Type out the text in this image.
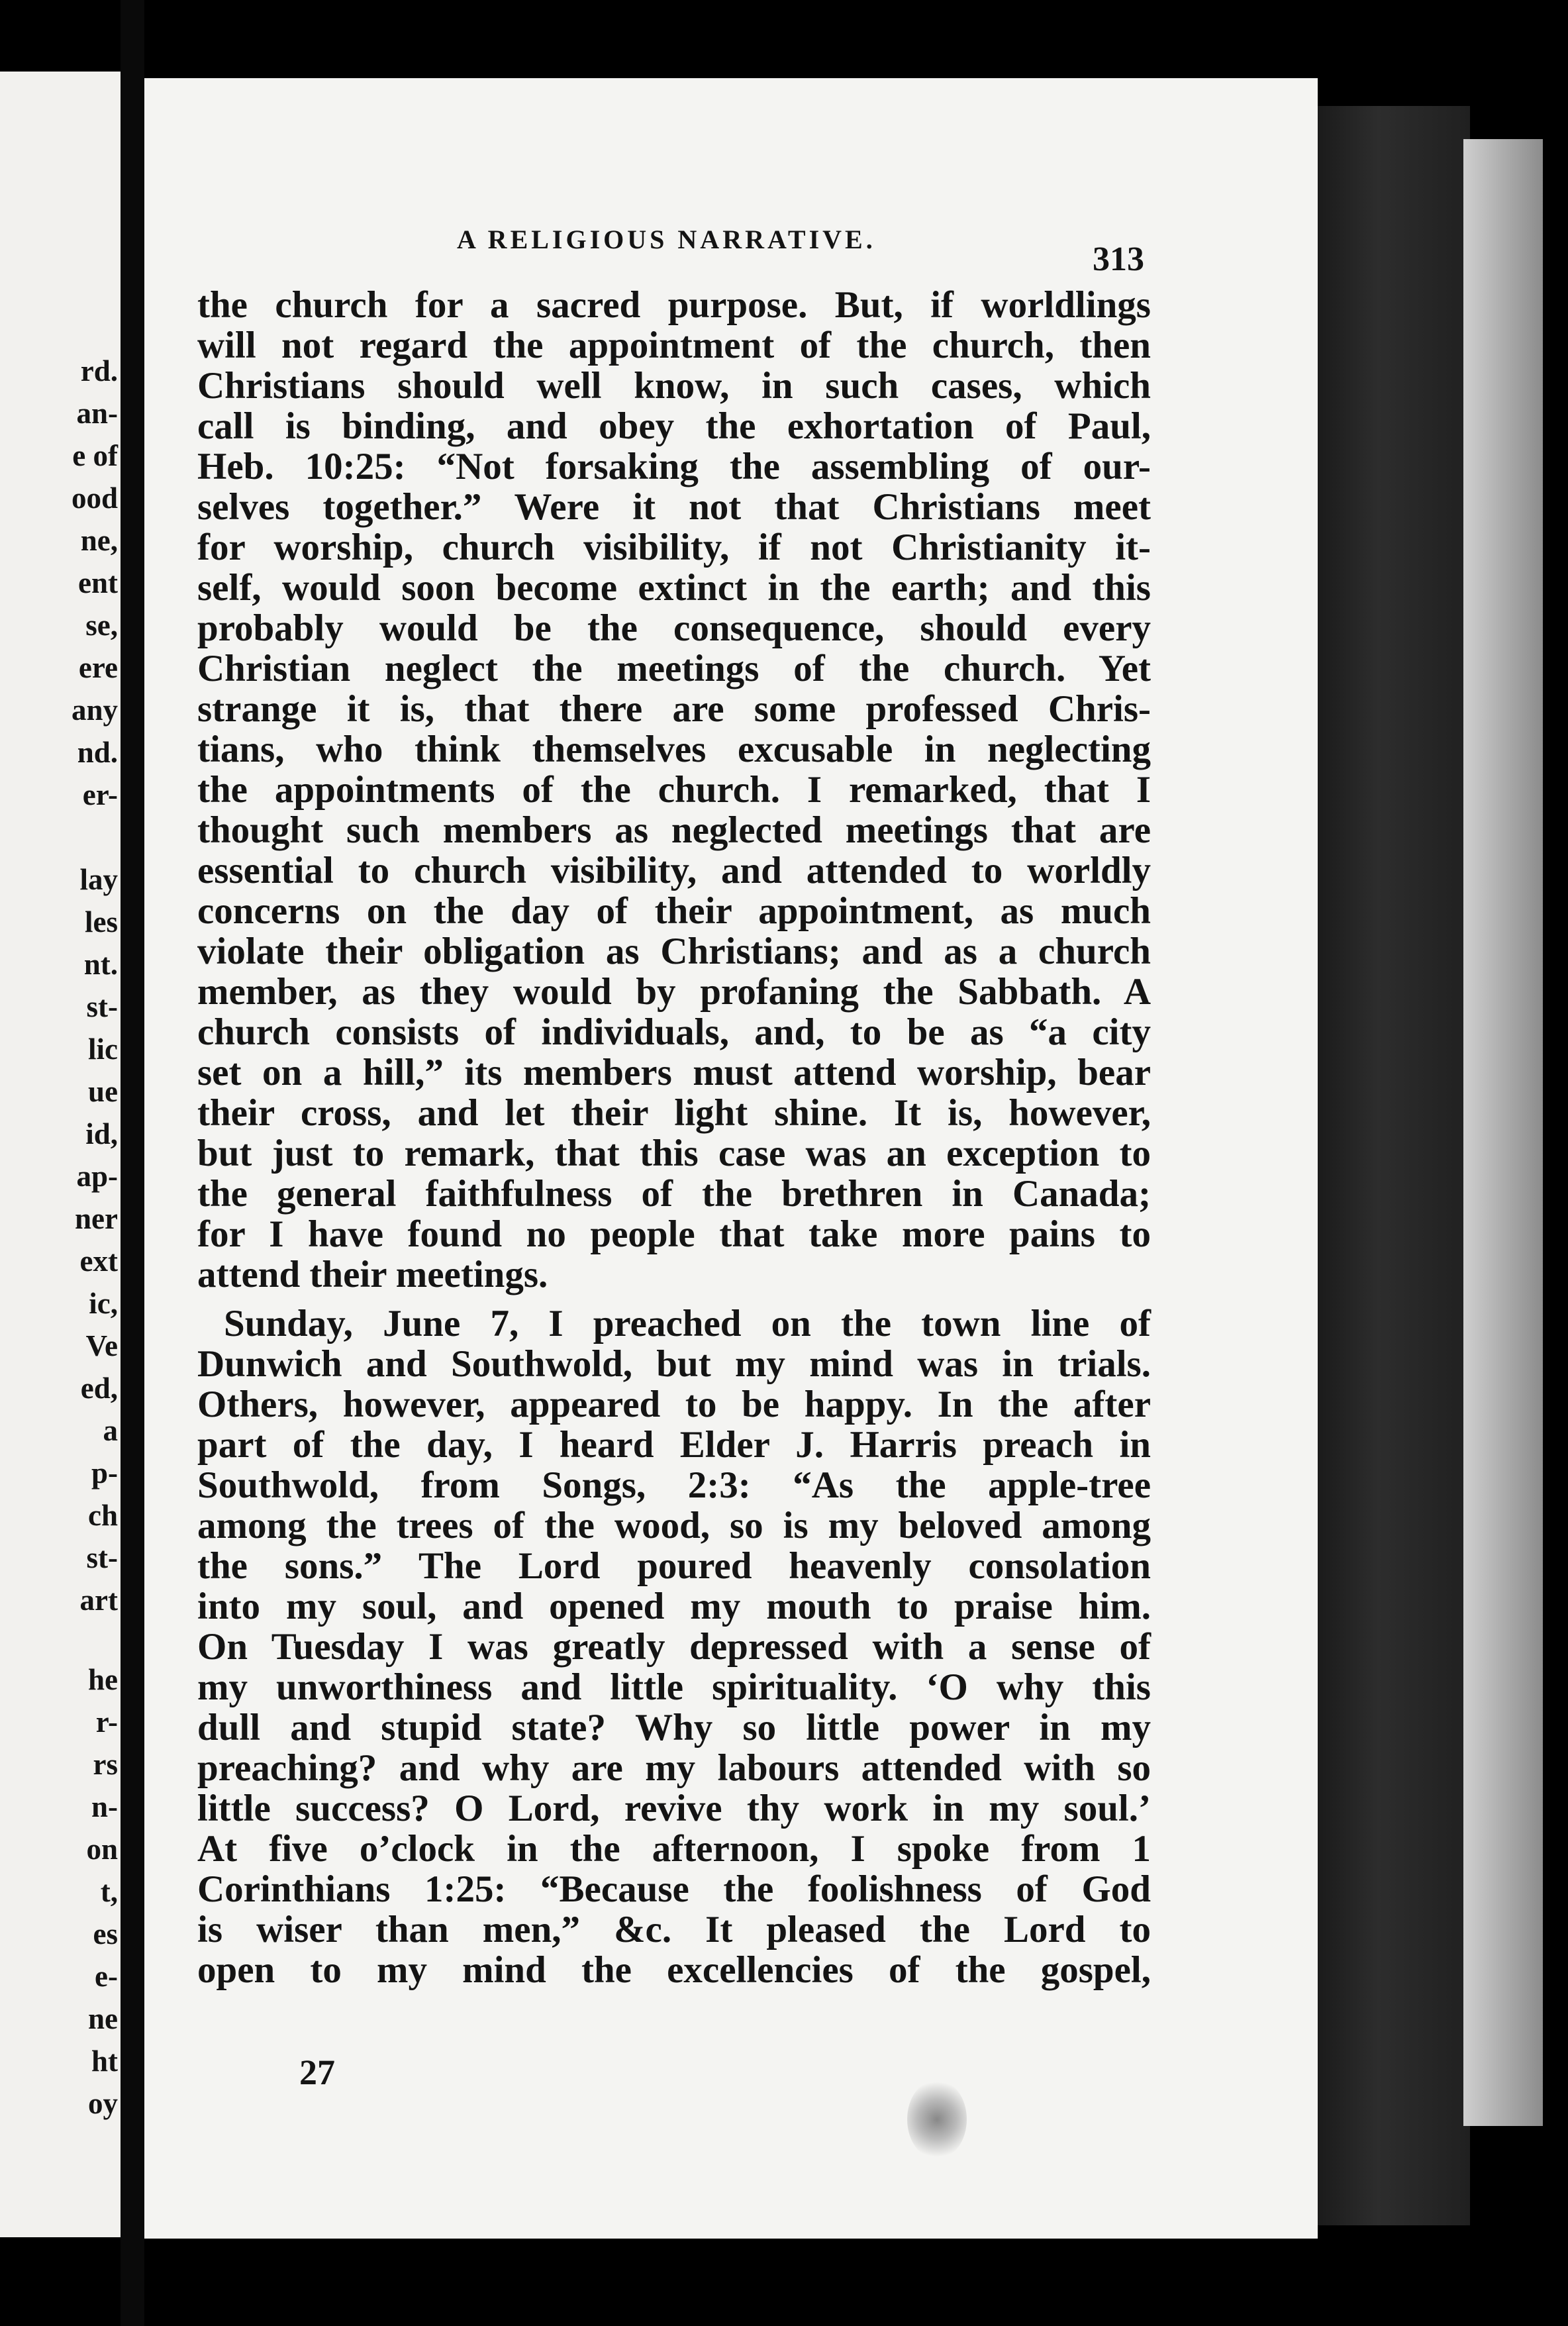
rd.
an-
e of
ood
ne,
ent
se,
ere
any
nd.
er-
lay
les
nt.
st-
lic
ue
id,
ap-
ner
ext
ic,
Ve
ed,
a
p-
ch
st-
art
he
r-
rs
n-
on
t,
es
e-
ne
ht
oy
A RELIGIOUS NARRATIVE.
313
the church for a sacred purpose. But, if worldlings
will not regard the appointment of the church, then
Christians should well know, in such cases, which
call is binding, and obey the exhortation of Paul,
Heb. 10:25: “Not forsaking the assembling of our-
selves together.” Were it not that Christians meet
for worship, church visibility, if not Christianity it-
self, would soon become extinct in the earth; and this
probably would be the consequence, should every
Christian neglect the meetings of the church. Yet
strange it is, that there are some professed Chris-
tians, who think themselves excusable in neglecting
the appointments of the church. I remarked, that I
thought such members as neglected meetings that are
essential to church visibility, and attended to worldly
concerns on the day of their appointment, as much
violate their obligation as Christians; and as a church
member, as they would by profaning the Sabbath. A
church consists of individuals, and, to be as “a city
set on a hill,” its members must attend worship, bear
their cross, and let their light shine. It is, however,
but just to remark, that this case was an exception to
the general faithfulness of the brethren in Canada;
for I have found no people that take more pains to
attend their meetings.
Sunday, June 7, I preached on the town line of
Dunwich and Southwold, but my mind was in trials.
Others, however, appeared to be happy. In the after
part of the day, I heard Elder J. Harris preach in
Southwold, from Songs, 2:3: “As the apple-tree
among the trees of the wood, so is my beloved among
the sons.” The Lord poured heavenly consolation
into my soul, and opened my mouth to praise him.
On Tuesday I was greatly depressed with a sense of
my unworthiness and little spirituality. ‘O why this
dull and stupid state? Why so little power in my
preaching? and why are my labours attended with so
little success? O Lord, revive thy work in my soul.’
At five o’clock in the afternoon, I spoke from 1
Corinthians 1:25: “Because the foolishness of God
is wiser than men,” &c. It pleased the Lord to
open to my mind the excellencies of the gospel,
27
